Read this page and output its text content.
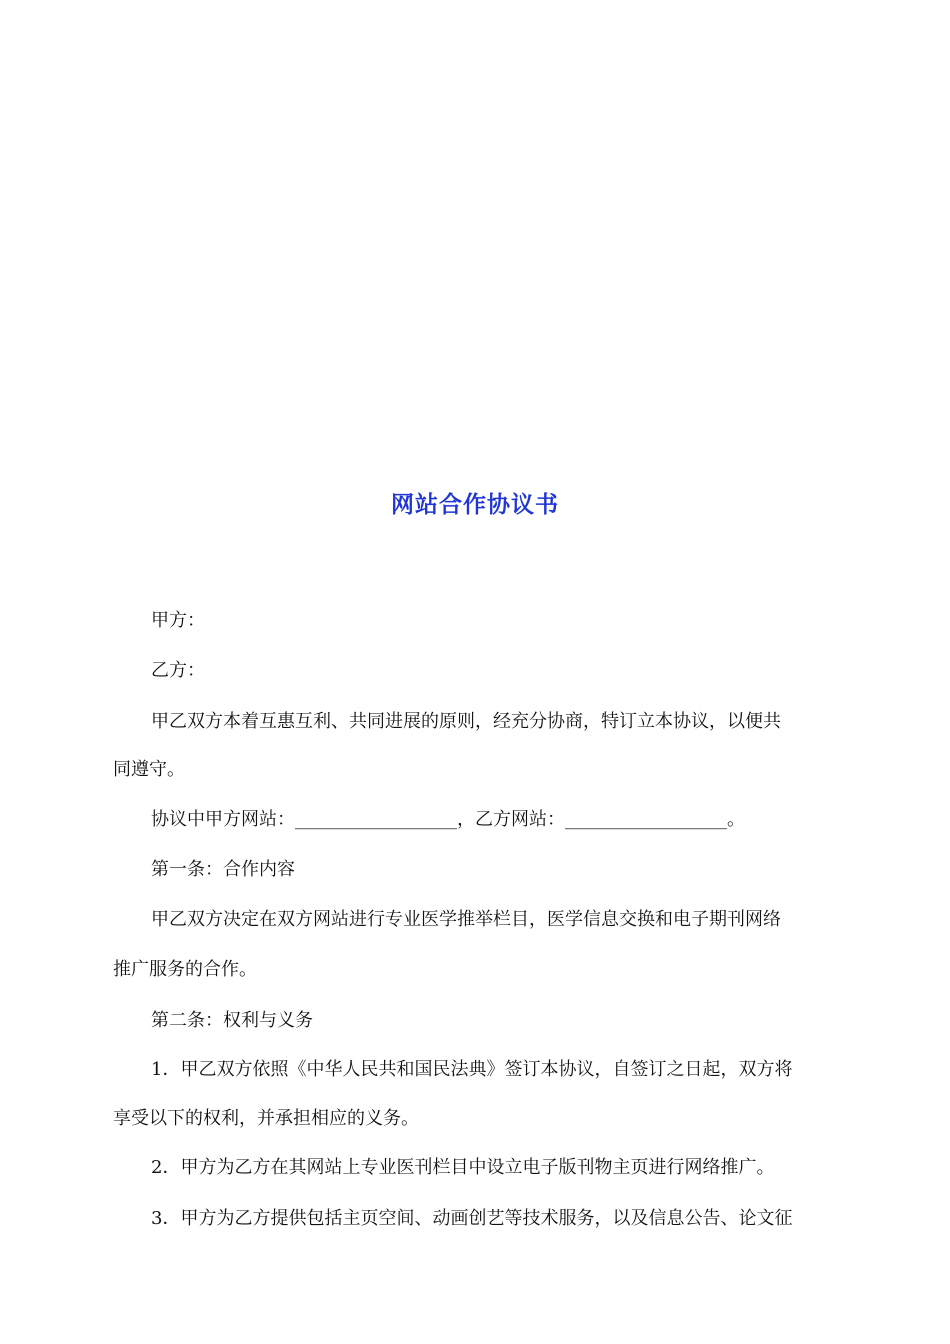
网站合作协议书
甲方：
乙方：
甲乙双方本着互惠互利、共同进展的原则，经充分协商，特订立本协议，以便共
同遵守。
协议中甲方网站：__________________，乙方网站：__________________。
第一条：合作内容
甲乙双方决定在双方网站进行专业医学推举栏目，医学信息交换和电子期刊网络
推广服务的合作。
第二条：权利与义务
1．甲乙双方依照《中华人民共和国民法典》签订本协议，自签订之日起，双方将
享受以下的权利，并承担相应的义务。
2．甲方为乙方在其网站上专业医刊栏目中设立电子版刊物主页进行网络推广。
3．甲方为乙方提供包括主页空间、动画创艺等技术服务，以及信息公告、论文征
